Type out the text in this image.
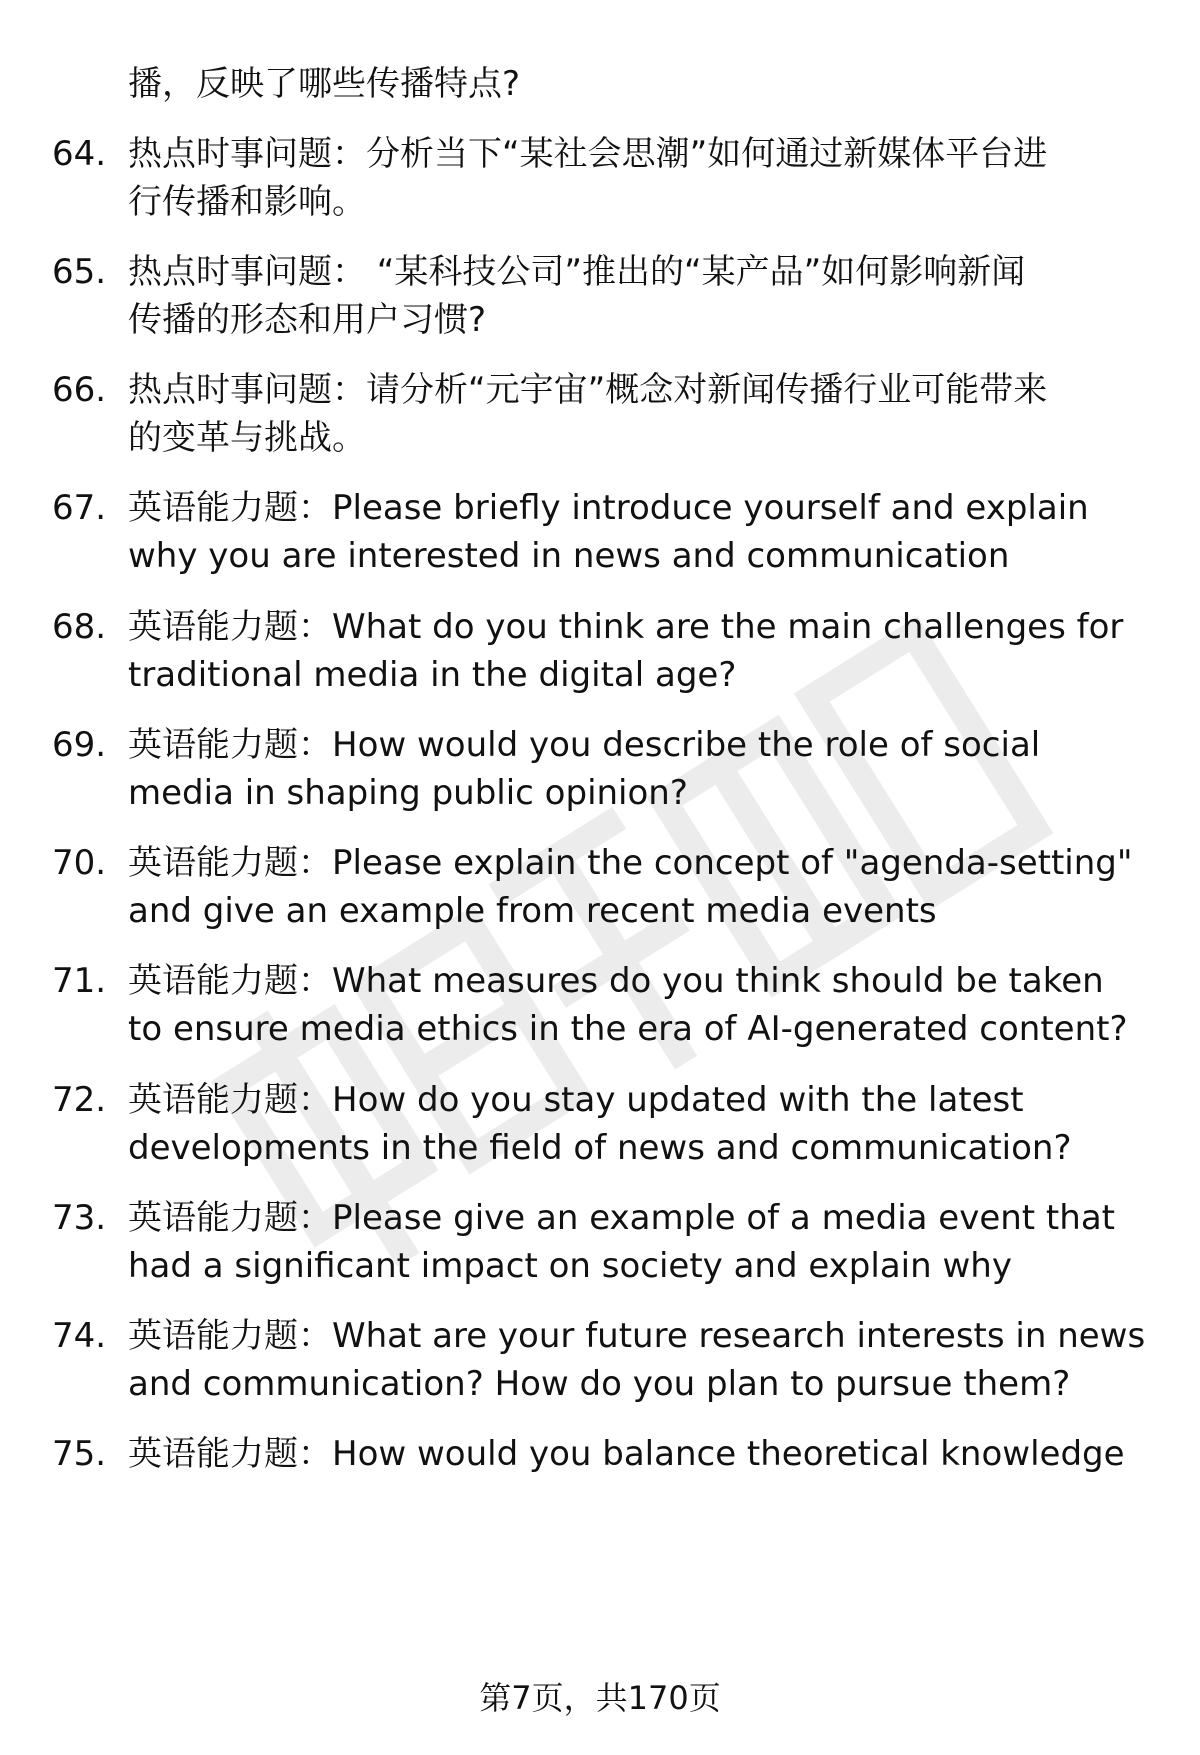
播，反映了哪些传播特点?
64. 热点时事问题：分析当下“某社会思潮”如何通过新媒体平台进
行传播和影响。
65. 热点时事问题： “某科技公司”推出的“某产品”如何影响新闻
传播的形态和用户习惯?
66. 热点时事问题：请分析“元宇宙”概念对新闻传播行业可能带来
的变革与挑战。
67. 英语能力题：Please briefly introduce yourself and explain
why you are interested in news and communication
68. 英语能力题：What do you think are the main challenges for
traditional media in the digital age?
69. 英语能力题：How would you describe the role of social
media in shaping public opinion?
70. 英语能力题：Please explain the concept of "agenda-setting"
and give an example from recent media events
71. 英语能力题：What measures do you think should be taken
to ensure media ethics in the era of AI-generated content?
72. 英语能力题：How do you stay updated with the latest
developments in the field of news and communication?
73. 英语能力题：Please give an example of a media event that
had a significant impact on society and explain why
74. 英语能力题：What are your future research interests in news
and communication? How do you plan to pursue them?
75. 英语能力题：How would you balance theoretical knowledge
第7页，共170页
